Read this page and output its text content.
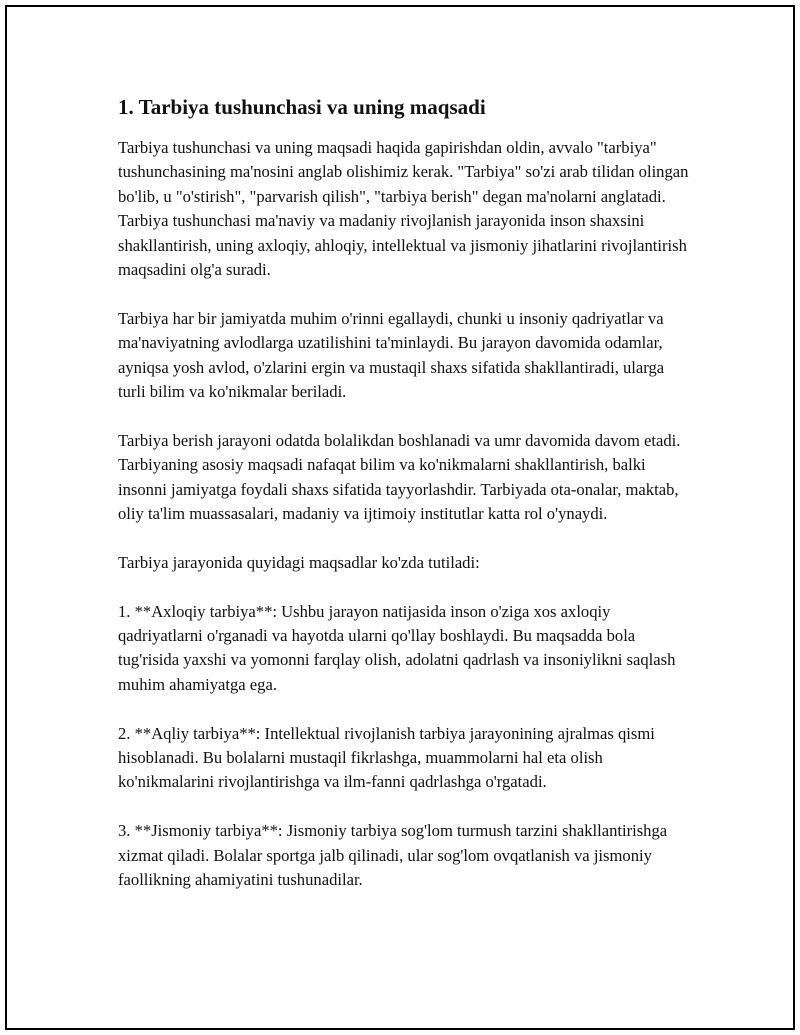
1. Tarbiya tushunchasi va uning maqsadi

Tarbiya tushunchasi va uning maqsadi haqida gapirishdan oldin, avvalo "tarbiya" tushunchasining ma'nosini anglab olishimiz kerak. "Tarbiya" so'zi arab tilidan olingan bo'lib, u "o'stirish", "parvarish qilish", "tarbiya berish" degan ma'nolarni anglatadi. Tarbiya tushunchasi ma'naviy va madaniy rivojlanish jarayonida inson shaxsini shakllantirish, uning axloqiy, ahloqiy, intellektual va jismoniy jihatlarini rivojlantirish maqsadini olg'a suradi.

Tarbiya har bir jamiyatda muhim o'rinni egallaydi, chunki u insoniy qadriyatlar va ma'naviyatning avlodlarga uzatilishini ta'minlaydi. Bu jarayon davomida odamlar, ayniqsa yosh avlod, o'zlarini ergin va mustaqil shaxs sifatida shakllantiradi, ularga turli bilim va ko'nikmalar beriladi.

Tarbiya berish jarayoni odatda bolalikdan boshlanadi va umr davomida davom etadi. Tarbiyaning asosiy maqsadi nafaqat bilim va ko'nikmalarni shakllantirish, balki insonni jamiyatga foydali shaxs sifatida tayyorlashdir. Tarbiyada ota-onalar, maktab, oliy ta'lim muassasalari, madaniy va ijtimoiy institutlar katta rol o'ynaydi.

Tarbiya jarayonida quyidagi maqsadlar ko'zda tutiladi:

1. **Axloqiy tarbiya**: Ushbu jarayon natijasida inson o'ziga xos axloqiy qadriyatlarni o'rganadi va hayotda ularni qo'llay boshlaydi. Bu maqsadda bola tug'risida yaxshi va yomonni farqlay olish, adolatni qadrlash va insoniylikni saqlash muhim ahamiyatga ega.

2. **Aqliy tarbiya**: Intellektual rivojlanish tarbiya jarayonining ajralmas qismi hisoblanadi. Bu bolalarni mustaqil fikrlashga, muammolarni hal eta olish ko'nikmalarini rivojlantirishga va ilm-fanni qadrlashga o'rgatadi.

3. **Jismoniy tarbiya**: Jismoniy tarbiya sog'lom turmush tarzini shakllantirishga xizmat qiladi. Bolalar sportga jalb qilinadi, ular sog'lom ovqatlanish va jismoniy faollikning ahamiyatini tushunadilar.
